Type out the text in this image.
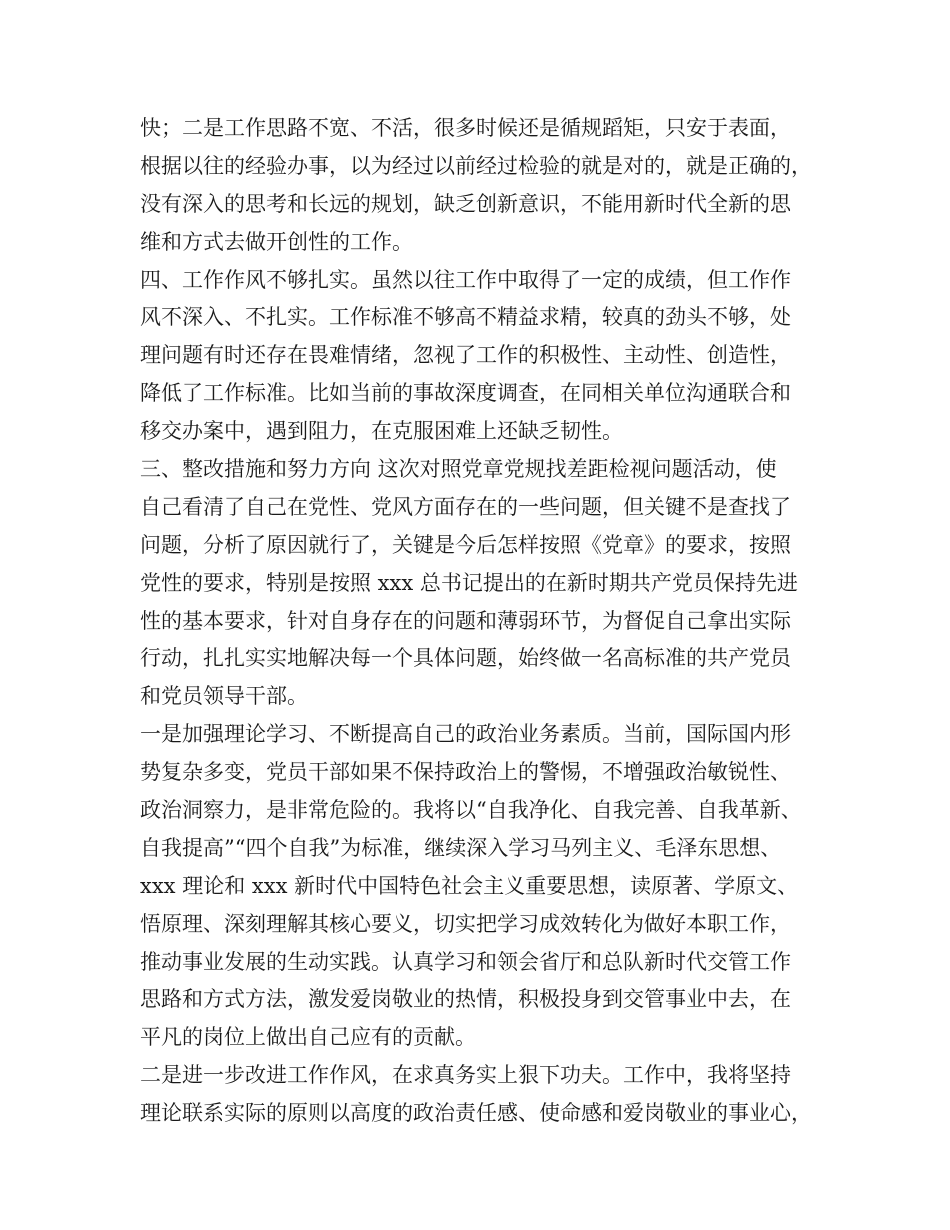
快；二是工作思路不宽、不活，很多时候还是循规蹈矩，只安于表面，
根据以往的经验办事，以为经过以前经过检验的就是对的，就是正确的，
没有深入的思考和长远的规划，缺乏创新意识，不能用新时代全新的思
维和方式去做开创性的工作。
四、工作作风不够扎实。虽然以往工作中取得了一定的成绩，但工作作
风不深入、不扎实。工作标准不够高不精益求精，较真的劲头不够，处
理问题有时还存在畏难情绪，忽视了工作的积极性、主动性、创造性，
降低了工作标准。比如当前的事故深度调查，在同相关单位沟通联合和
移交办案中，遇到阻力，在克服困难上还缺乏韧性。
三、整改措施和努力方向 这次对照党章党规找差距检视问题活动，使
自己看清了自己在党性、党风方面存在的一些问题，但关键不是查找了
问题，分析了原因就行了，关键是今后怎样按照《党章》的要求，按照
党性的要求，特别是按照 xxx 总书记提出的在新时期共产党员保持先进
性的基本要求，针对自身存在的问题和薄弱环节，为督促自己拿出实际
行动，扎扎实实地解决每一个具体问题，始终做一名高标准的共产党员
和党员领导干部。
一是加强理论学习、不断提高自己的政治业务素质。当前，国际国内形
势复杂多变，党员干部如果不保持政治上的警惕，不增强政治敏锐性、
政治洞察力，是非常危险的。我将以“自我净化、自我完善、自我革新、
自我提高”“四个自我”为标准，继续深入学习马列主义、毛泽东思想、
xxx 理论和 xxx 新时代中国特色社会主义重要思想，读原著、学原文、
悟原理、深刻理解其核心要义，切实把学习成效转化为做好本职工作，
推动事业发展的生动实践。认真学习和领会省厅和总队新时代交管工作
思路和方式方法，激发爱岗敬业的热情，积极投身到交管事业中去，在
平凡的岗位上做出自己应有的贡献。
二是进一步改进工作作风，在求真务实上狠下功夫。工作中，我将坚持
理论联系实际的原则以高度的政治责任感、使命感和爱岗敬业的事业心，
